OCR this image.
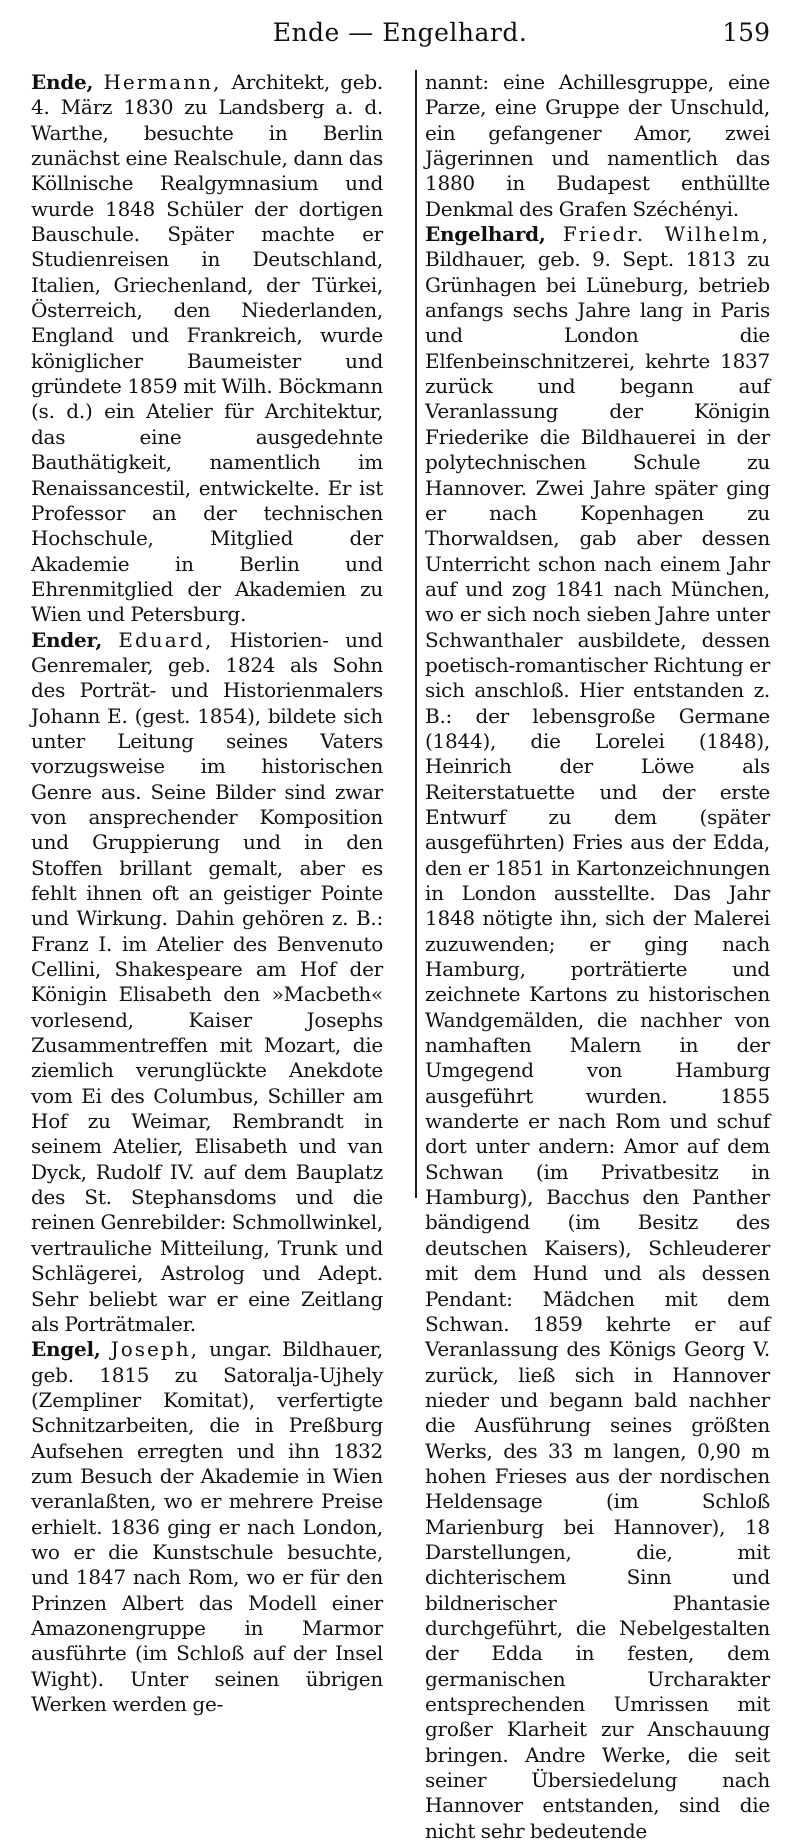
Ende — Engelhard.	159

Ende, Hermann, Architekt, geb. 4. März 1830 zu Landsberg a. d. Warthe, besuchte in Berlin zunächst eine Realschule, dann das Köllnische Realgymnasium und wurde 1848 Schüler der dortigen Bauschule. Später machte er Studienreisen in Deutschland, Italien, Griechenland, der Türkei, Österreich, den Niederlanden, England und Frankreich, wurde königlicher Baumeister und gründete 1859 mit Wilh. Böckmann (s. d.) ein Atelier für Architektur, das eine ausgedehnte Bauthätigkeit, namentlich im Renaissancestil, entwickelte. Er ist Professor an der technischen Hochschule, Mitglied der Akademie in Berlin und Ehrenmitglied der Akademien zu Wien und Petersburg.

Ender, Eduard, Historien- und Genremaler, geb. 1824 als Sohn des Porträt- und Historienmalers Johann E. (gest. 1854), bildete sich unter Leitung seines Vaters vorzugsweise im historischen Genre aus. Seine Bilder sind zwar von ansprechender Komposition und Gruppierung und in den Stoffen brillant gemalt, aber es fehlt ihnen oft an geistiger Pointe und Wirkung. Dahin gehören z. B.: Franz I. im Atelier des Benvenuto Cellini, Shakespeare am Hof der Königin Elisabeth den »Macbeth« vorlesend, Kaiser Josephs Zusammentreffen mit Mozart, die ziemlich verunglückte Anekdote vom Ei des Columbus, Schiller am Hof zu Weimar, Rembrandt in seinem Atelier, Elisabeth und van Dyck, Rudolf IV. auf dem Bauplatz des St. Stephansdoms und die reinen Genrebilder: Schmollwinkel, vertrauliche Mitteilung, Trunk und Schlägerei, Astrolog und Adept. Sehr beliebt war er eine Zeitlang als Porträtmaler.

Engel, Joseph, ungar. Bildhauer, geb. 1815 zu Satoralja-Ujhely (Zempliner Komitat), verfertigte Schnitzarbeiten, die in Preßburg Aufsehen erregten und ihn 1832 zum Besuch der Akademie in Wien veranlaßten, wo er mehrere Preise erhielt. 1836 ging er nach London, wo er die Kunstschule besuchte, und 1847 nach Rom, wo er für den Prinzen Albert das Modell einer Amazonengruppe in Marmor ausführte (im Schloß auf der Insel Wight). Unter seinen übrigen Werken werden ge-

nannt: eine Achillesgruppe, eine Parze, eine Gruppe der Unschuld, ein gefangener Amor, zwei Jägerinnen und namentlich das 1880 in Budapest enthüllte Denkmal des Grafen Széchényi.

Engelhard, Friedr. Wilhelm, Bildhauer, geb. 9. Sept. 1813 zu Grünhagen bei Lüneburg, betrieb anfangs sechs Jahre lang in Paris und London die Elfenbeinschnitzerei, kehrte 1837 zurück und begann auf Veranlassung der Königin Friederike die Bildhauerei in der polytechnischen Schule zu Hannover. Zwei Jahre später ging er nach Kopenhagen zu Thorwaldsen, gab aber dessen Unterricht schon nach einem Jahr auf und zog 1841 nach München, wo er sich noch sieben Jahre unter Schwanthaler ausbildete, dessen poetisch-romantischer Richtung er sich anschloß. Hier entstanden z. B.: der lebensgroße Germane (1844), die Lorelei (1848), Heinrich der Löwe als Reiterstatuette und der erste Entwurf zu dem (später ausgeführten) Fries aus der Edda, den er 1851 in Kartonzeichnungen in London ausstellte. Das Jahr 1848 nötigte ihn, sich der Malerei zuzuwenden; er ging nach Hamburg, porträtierte und zeichnete Kartons zu historischen Wandgemälden, die nachher von namhaften Malern in der Umgegend von Hamburg ausgeführt wurden. 1855 wanderte er nach Rom und schuf dort unter andern: Amor auf dem Schwan (im Privatbesitz in Hamburg), Bacchus den Panther bändigend (im Besitz des deutschen Kaisers), Schleuderer mit dem Hund und als dessen Pendant: Mädchen mit dem Schwan. 1859 kehrte er auf Veranlassung des Königs Georg V. zurück, ließ sich in Hannover nieder und begann bald nachher die Ausführung seines größten Werks, des 33 m langen, 0,90 m hohen Frieses aus der nordischen Heldensage (im Schloß Marienburg bei Hannover), 18 Darstellungen, die, mit dichterischem Sinn und bildnerischer Phantasie durchgeführt, die Nebelgestalten der Edda in festen, dem germanischen Urcharakter entsprechenden Umrissen mit großer Klarheit zur Anschauung bringen. Andre Werke, die seit seiner Übersiedelung nach Hannover entstanden, sind die nicht sehr bedeutende
